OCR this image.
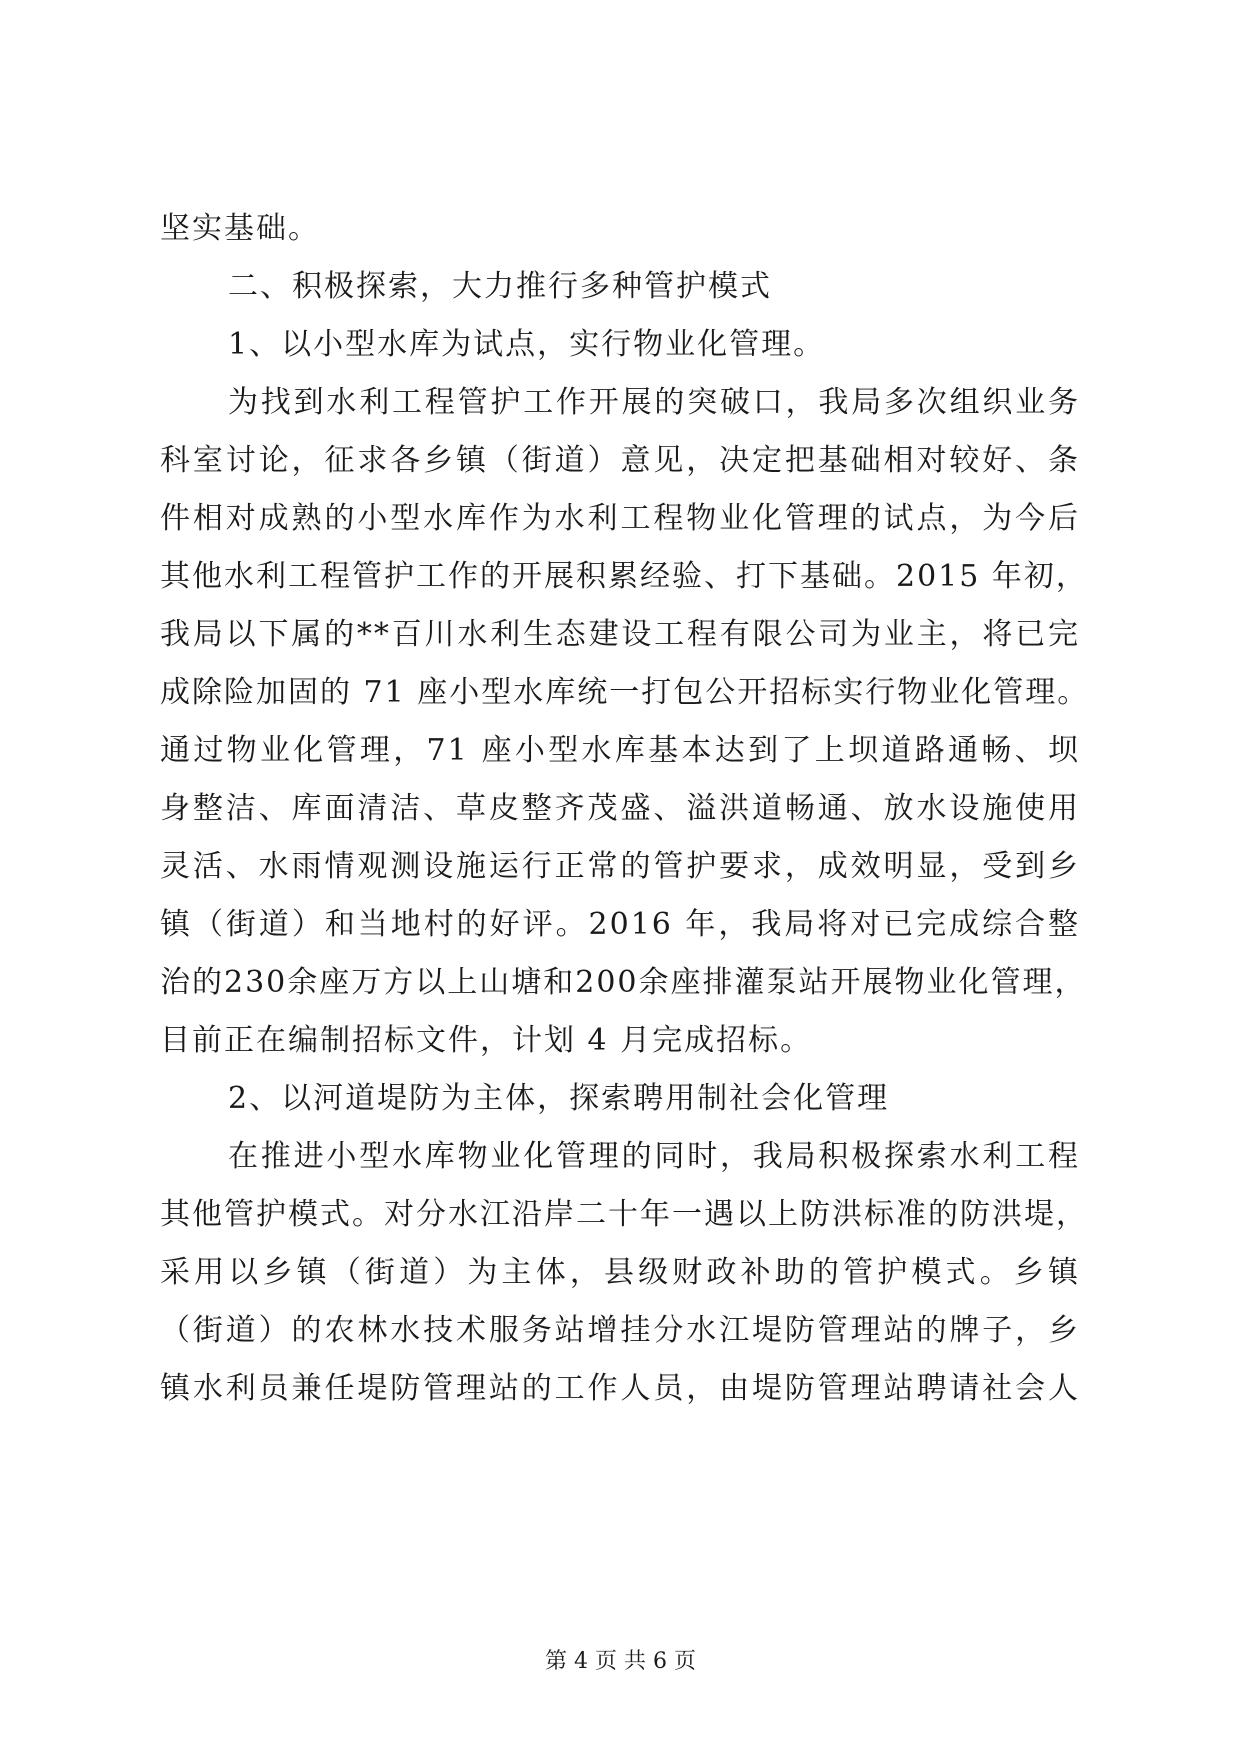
坚实基础。
二、积极探索，大力推行多种管护模式
1、以小型水库为试点，实行物业化管理。
为找到水利工程管护工作开展的突破口，我局多次组织业务
科室讨论，征求各乡镇（街道）意见，决定把基础相对较好、条
件相对成熟的小型水库作为水利工程物业化管理的试点，为今后
其他水利工程管护工作的开展积累经验、打下基础。2015 年初，
我局以下属的**百川水利生态建设工程有限公司为业主，将已完
成除险加固的 71 座小型水库统一打包公开招标实行物业化管理。
通过物业化管理，71 座小型水库基本达到了上坝道路通畅、坝
身整洁、库面清洁、草皮整齐茂盛、溢洪道畅通、放水设施使用
灵活、水雨情观测设施运行正常的管护要求，成效明显，受到乡
镇（街道）和当地村的好评。2016 年，我局将对已完成综合整
治的230余座万方以上山塘和200余座排灌泵站开展物业化管理，
目前正在编制招标文件，计划 4 月完成招标。
2、以河道堤防为主体，探索聘用制社会化管理
在推进小型水库物业化管理的同时，我局积极探索水利工程
其他管护模式。对分水江沿岸二十年一遇以上防洪标准的防洪堤，
采用以乡镇（街道）为主体，县级财政补助的管护模式。乡镇
（街道）的农林水技术服务站增挂分水江堤防管理站的牌子，乡
镇水利员兼任堤防管理站的工作人员，由堤防管理站聘请社会人
第 4 页 共 6 页
